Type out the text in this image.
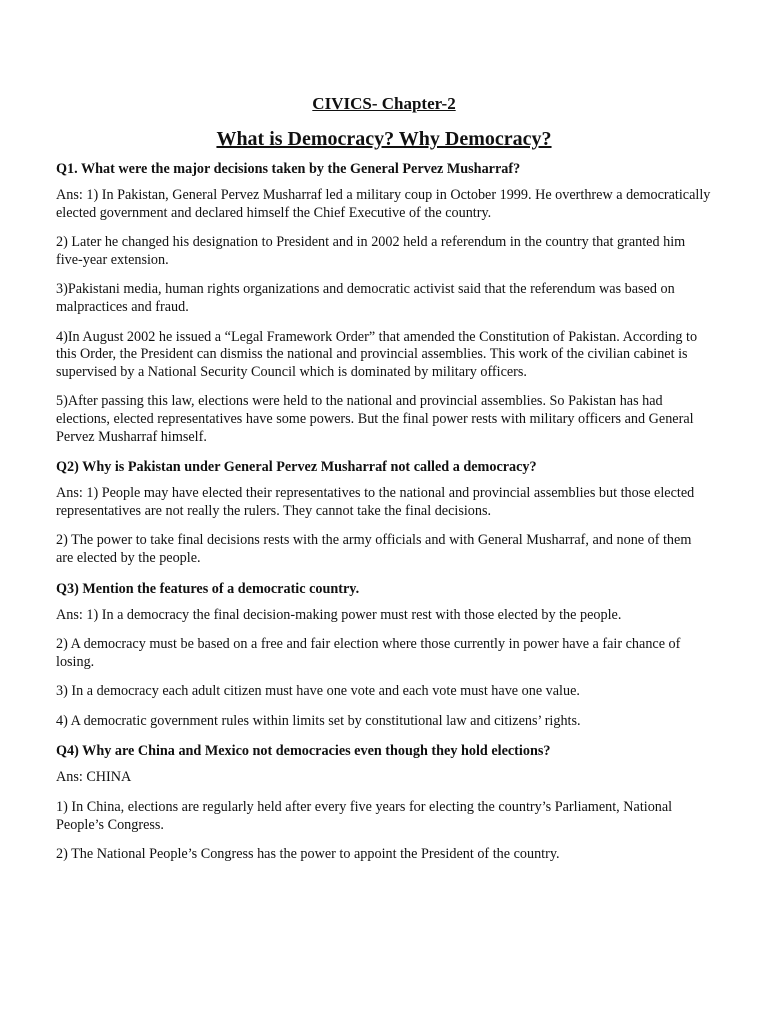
CIVICS- Chapter-2
What is Democracy? Why Democracy?
Q1. What were the major decisions taken by the General Pervez Musharraf?
Ans: 1) In Pakistan, General Pervez Musharraf led a military coup in October 1999. He overthrew a democratically elected government and declared himself the Chief Executive of the country.
2) Later he changed his designation to President and in 2002 held a referendum in the country that granted him five-year extension.
3)Pakistani media, human rights organizations and democratic activist said that the referendum was based on malpractices and fraud.
4)In August 2002 he issued a “Legal Framework Order” that amended the Constitution of Pakistan. According to this Order, the President can dismiss the national and provincial assemblies. This work of the civilian cabinet is supervised by a National Security Council which is dominated by military officers.
5)After passing this law, elections were held to the national and provincial assemblies. So Pakistan has had elections, elected representatives have some powers. But the final power rests with military officers and General Pervez Musharraf himself.
Q2) Why is Pakistan under General Pervez Musharraf not called a democracy?
Ans: 1) People may have elected their representatives to the national and provincial assemblies but those elected representatives are not really the rulers. They cannot take the final decisions.
2) The power to take final decisions rests with the army officials and with General Musharraf, and none of them are elected by the people.
Q3) Mention the features of a democratic country.
Ans: 1) In a democracy the final decision-making power must rest with those elected by the people.
2) A democracy must be based on a free and fair election where those currently in power have a fair chance of losing.
3) In a democracy each adult citizen must have one vote and each vote must have one value.
4) A democratic government rules within limits set by constitutional law and citizens’ rights.
Q4) Why are China and Mexico not democracies even though they hold elections?
Ans: CHINA
1) In China, elections are regularly held after every five years for electing the country’s Parliament, National People’s Congress.
2) The National People’s Congress has the power to appoint the President of the country.
